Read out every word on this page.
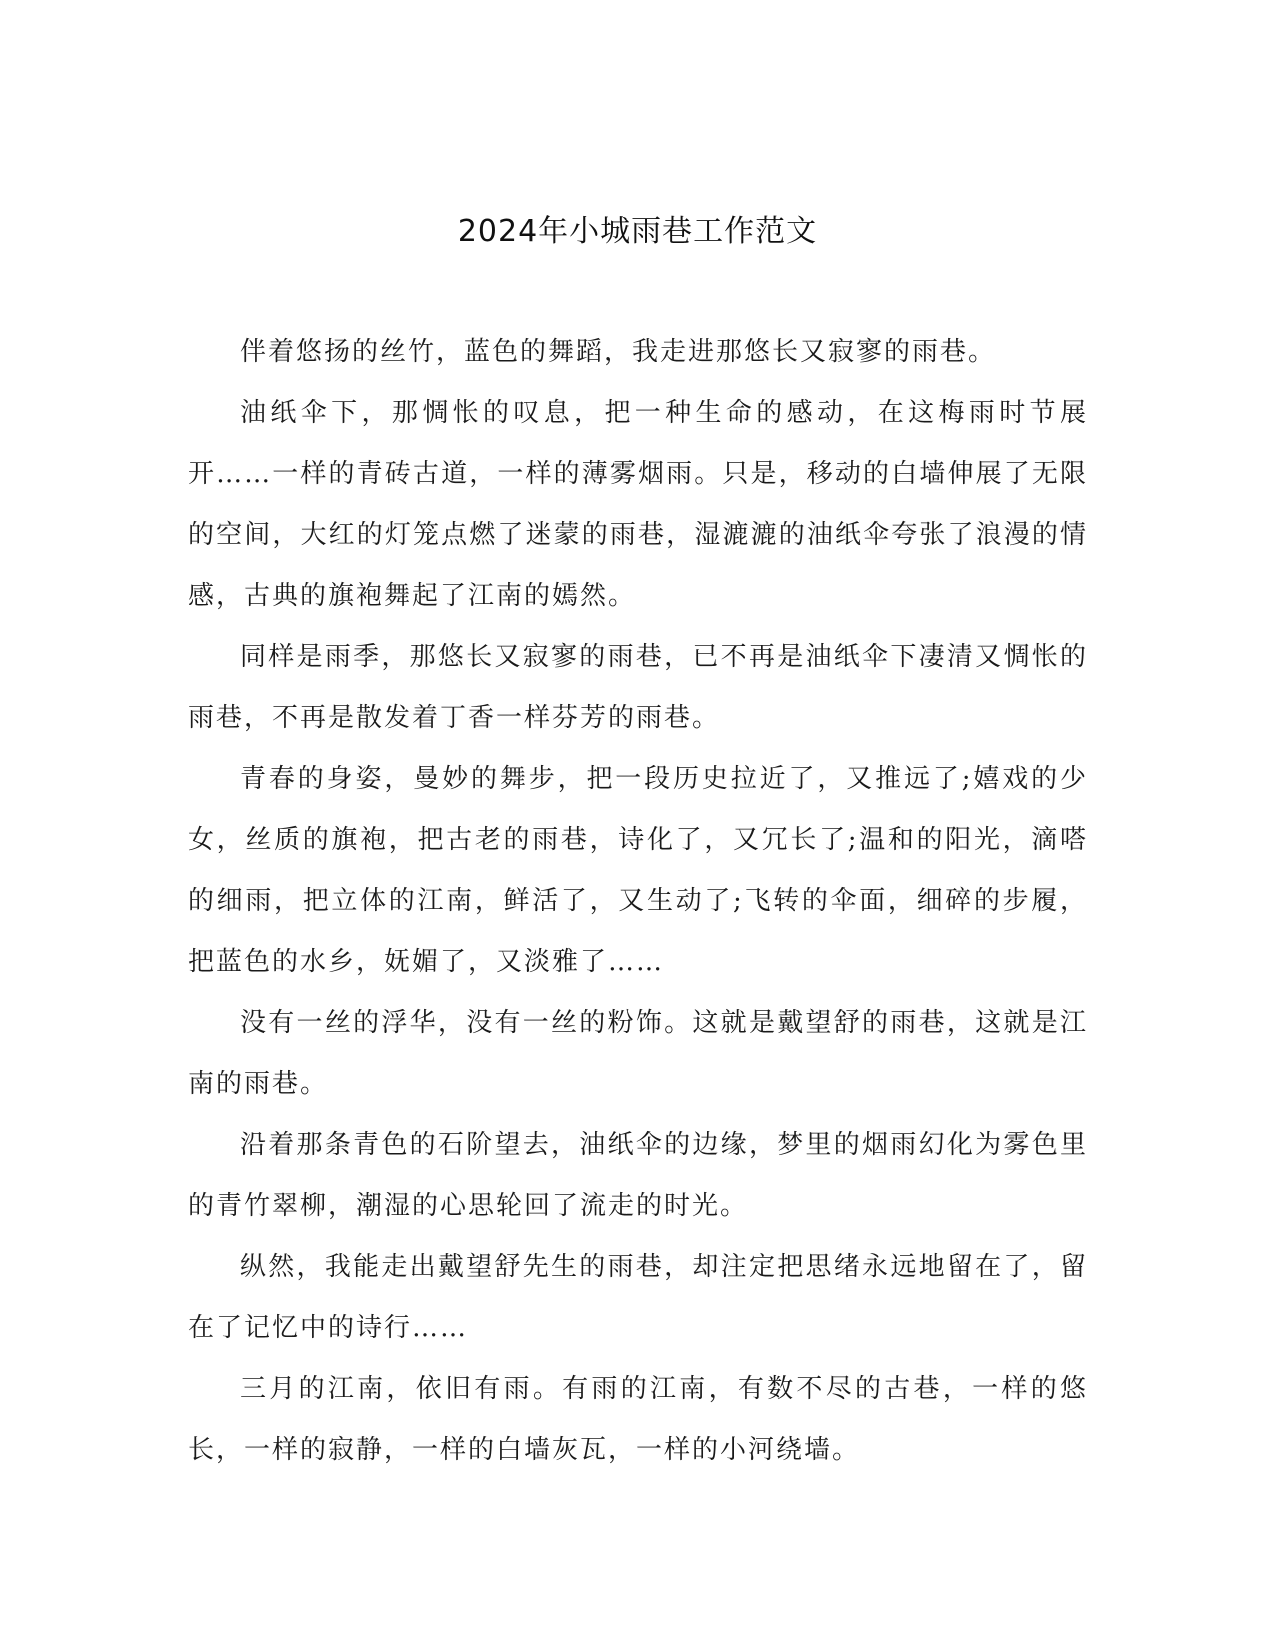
2024年小城雨巷工作范文

伴着悠扬的丝竹，蓝色的舞蹈，我走进那悠长又寂寥的雨巷。

油纸伞下，那惆怅的叹息，把一种生命的感动，在这梅雨时节展开……一样的青砖古道，一样的薄雾烟雨。只是，移动的白墙伸展了无限的空间，大红的灯笼点燃了迷蒙的雨巷，湿漉漉的油纸伞夸张了浪漫的情感，古典的旗袍舞起了江南的嫣然。

同样是雨季，那悠长又寂寥的雨巷，已不再是油纸伞下凄清又惆怅的雨巷，不再是散发着丁香一样芬芳的雨巷。

青春的身姿，曼妙的舞步，把一段历史拉近了，又推远了;嬉戏的少女，丝质的旗袍，把古老的雨巷，诗化了，又冗长了;温和的阳光，滴嗒的细雨，把立体的江南，鲜活了，又生动了;飞转的伞面，细碎的步履，把蓝色的水乡，妩媚了，又淡雅了……

没有一丝的浮华，没有一丝的粉饰。这就是戴望舒的雨巷，这就是江南的雨巷。

沿着那条青色的石阶望去，油纸伞的边缘，梦里的烟雨幻化为雾色里的青竹翠柳，潮湿的心思轮回了流走的时光。

纵然，我能走出戴望舒先生的雨巷，却注定把思绪永远地留在了，留在了记忆中的诗行……

三月的江南，依旧有雨。有雨的江南，有数不尽的古巷，一样的悠长，一样的寂静，一样的白墙灰瓦，一样的小河绕墙。
